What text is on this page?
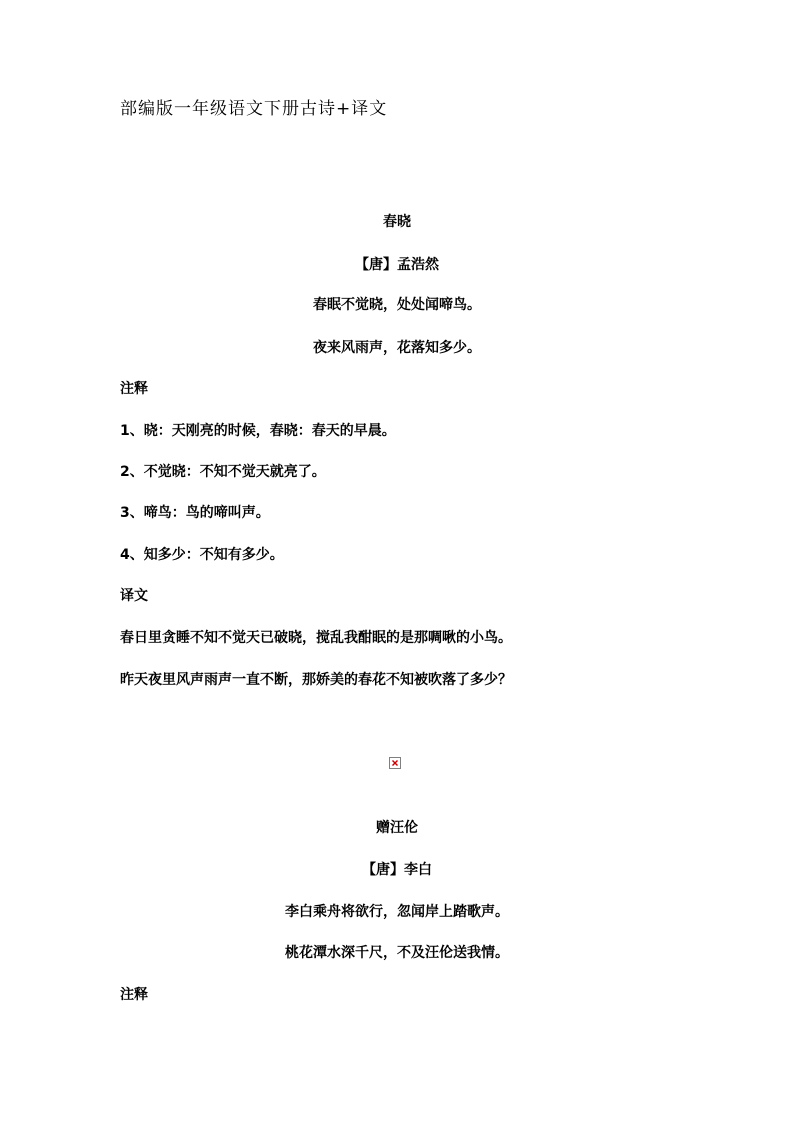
部编版一年级语文下册古诗+译文
春晓
【唐】孟浩然
春眠不觉晓，处处闻啼鸟。
夜来风雨声，花落知多少。
注释
1、晓：天刚亮的时候，春晓：春天的早晨。
2、不觉晓：不知不觉天就亮了。
3、啼鸟：鸟的啼叫声。
4、知多少：不知有多少。
译文
春日里贪睡不知不觉天已破晓，搅乱我酣眠的是那啁啾的小鸟。
昨天夜里风声雨声一直不断，那娇美的春花不知被吹落了多少？
赠汪伦
【唐】李白
李白乘舟将欲行，忽闻岸上踏歌声。
桃花潭水深千尺，不及汪伦送我情。
注释
